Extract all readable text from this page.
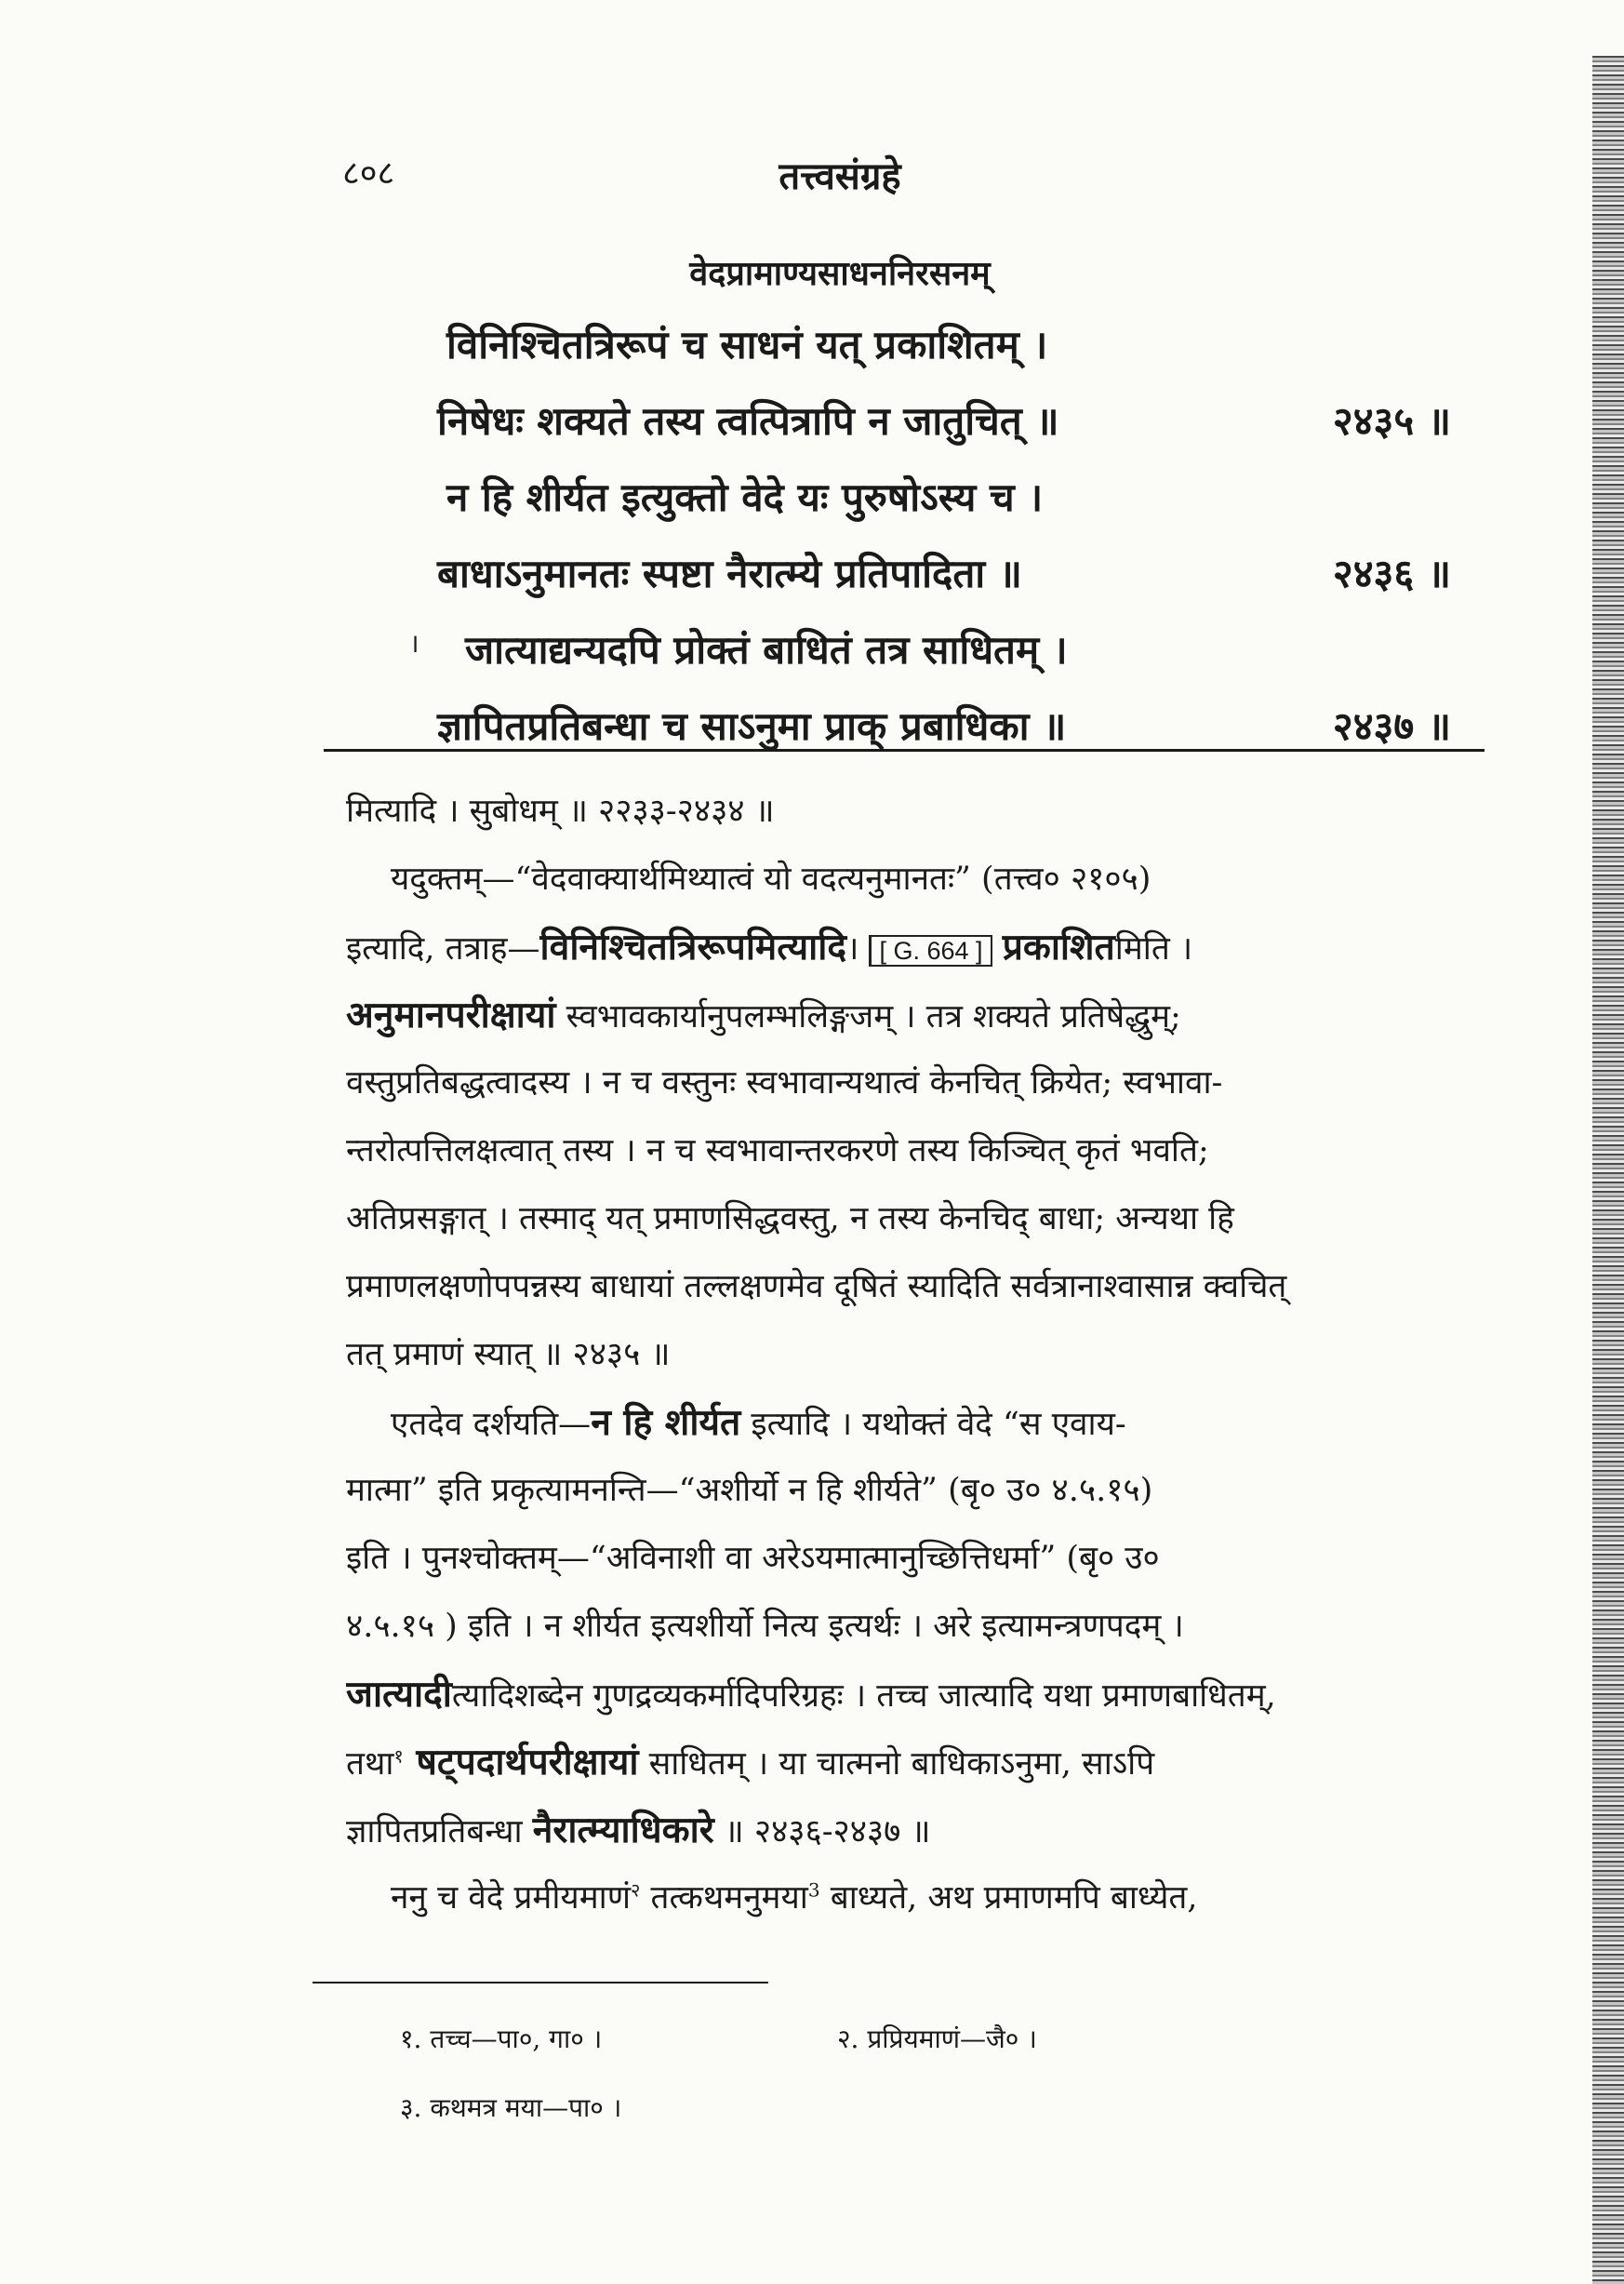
८०८	तत्त्वसंग्रहे
वेदप्रामाण्यसाधननिरसनम्
विनिश्चितत्रिरूपं च साधनं यत् प्रकाशितम् ।
निषेधः शक्यते तस्य त्वत्पित्रापि न जातुचित् ॥	२४३५ ॥
न हि शीर्यत इत्युक्तो वेदे यः पुरुषोऽस्य च ।
बाधाऽनुमानतः स्पष्टा नैरात्म्ये प्रतिपादिता ॥	२४३६ ॥
जात्याद्यन्यदपि प्रोक्तं बाधितं तत्र साधितम् ।
ज्ञापितप्रतिबन्धा च साऽनुमा प्राक् प्रबाधिका ॥	२४३७ ॥
।
मित्यादि । सुबोधम् ॥ २२३३-२४३४ ॥
यदुक्तम्—“वेदवाक्यार्थमिथ्यात्वं यो वदत्यनुमानतः” (तत्त्व० २१०५)
इत्यादि, तत्राह—विनिश्चितत्रिरूपमित्यादि। [ G. 664 ] प्रकाशितमिति ।
अनुमानपरीक्षायां स्वभावकार्यानुपलम्भलिङ्गजम् । तत्र शक्यते प्रतिषेद्धुम्;
वस्तुप्रतिबद्धत्वादस्य । न च वस्तुनः स्वभावान्यथात्वं केनचित् क्रियेत; स्वभावा-
न्तरोत्पत्तिलक्षत्वात् तस्य । न च स्वभावान्तरकरणे तस्य किञ्चित् कृतं भवति;
अतिप्रसङ्गात् । तस्माद् यत् प्रमाणसिद्धवस्तु, न तस्य केनचिद् बाधा; अन्यथा हि
प्रमाणलक्षणोपपन्नस्य बाधायां तल्लक्षणमेव दूषितं स्यादिति सर्वत्रानाश्वासान्न क्वचित्
तत् प्रमाणं स्यात् ॥ २४३५ ॥
एतदेव दर्शयति—न हि शीर्यत इत्यादि । यथोक्तं वेदे “स एवाय-
मात्मा” इति प्रकृत्यामनन्ति—“अशीर्यो न हि शीर्यते” (बृ० उ० ४.५.१५)
इति । पुनश्चोक्तम्—“अविनाशी वा अरेऽयमात्मानुच्छित्तिधर्मा” (बृ० उ०
४.५.१५ ) इति । न शीर्यत इत्यशीर्यो नित्य इत्यर्थः । अरे इत्यामन्त्रणपदम् ।
जात्यादीत्यादिशब्देन गुणद्रव्यकर्मादिपरिग्रहः । तच्च जात्यादि यथा प्रमाणबाधितम्,
तथा$^१$ षट्पदार्थपरीक्षायां साधितम् । या चात्मनो बाधिकाऽनुमा, साऽपि
ज्ञापितप्रतिबन्धा नैरात्म्याधिकारे ॥ २४३६-२४३७ ॥
ननु च वेदे प्रमीयमाणं$^२$ तत्कथमनुमया$^3$ बाध्यते, अथ प्रमाणमपि बाध्येत,
१. तच्च—पा०, गा० ।	२. प्रप्रियमाणं—जै० ।
३. कथमत्र मया—पा० ।
